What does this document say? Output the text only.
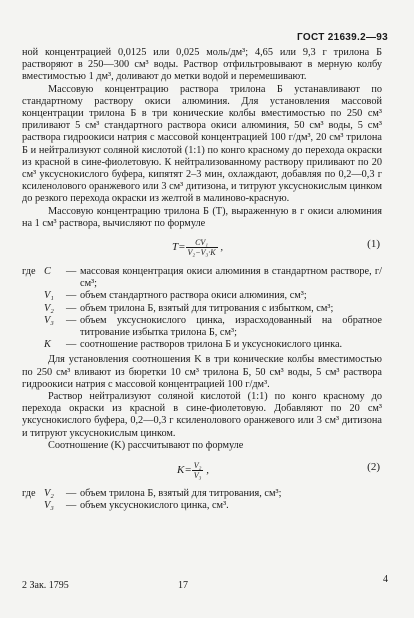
ГОСТ 21639.2—93

ной концентрацией 0,0125 или 0,025 моль/дм³; 4,65 или 9,3 г трилона Б растворяют в 250—300 см³ воды. Раствор отфильтровывают в мерную колбу вместимостью 1 дм³, доливают до метки водой и перемешивают.

Массовую концентрацию раствора трилона Б устанавливают по стандартному раствору окиси алюминия. Для установления массовой концентрации трилона Б в три конические колбы вместимостью по 250 см³ приливают 5 см³ стандартного раствора окиси алюминия, 50 см³ воды, 5 см³ раствора гидроокиси натрия с массовой концентрацией 100 г/дм³, 20 см³ трилона Б и нейтрализуют соляной кислотой (1:1) по конго красному до перехода окраски из красной в сине-фиолетовую. К нейтрализованному раствору приливают по 20 см³ уксуснокислого буфера, кипятят 2–3 мин, охлаждают, добавляя по 0,2—0,3 г ксиленолового оранжевого или 3 см³ дитизона, и титруют уксуснокислым цинком до резкого перехода окраски из желтой в малиново-красную.

Массовую концентрацию трилона Б (T), выраженную в г окиси алюминия на 1 см³ раствора, вычисляют по формуле

$T= \frac{\text{CV₁}}{\text{V₂−V₃·K}}$ ,	(1)
где C	— массовая концентрация окиси алюминия в стандартном растворе, г/см³;
V₁	— объем стандартного раствора окиси алюминия, см³;
V₂	— объем трилона Б, взятый для титрования с избытком, см³;
V₃	— объем уксуснокислого цинка, израсходованный на обратное титрование избытка трилона Б, см³;
K	— соотношение растворов трилона Б и уксуснокислого цинка.

Для установления соотношения K в три конические колбы вместимостью по 250 см³ вливают из бюретки 10 см³ трилона Б, 50 см³ воды, 5 см³ раствора гидроокиси натрия с массовой концентрацией 100 г/дм³.

Раствор нейтрализуют соляной кислотой (1:1) по конго красному до перехода окраски из красной в сине-фиолетовую. Добавляют по 20 см³ уксуснокислого буфера, 0,2—0,3 г ксиленолового оранжевого или 3 см³ дитизона и титруют уксуснокислым цинком.

Соотношение (K) рассчитывают по формуле

$K= \frac{\text{V₂}}{\text{V₃}}$ ,	(2)
где V₂	— объем трилона Б, взятый для титрования, см³;
V₃	— объем уксуснокислого цинка, см³.
2 Зак. 1795	17
4
